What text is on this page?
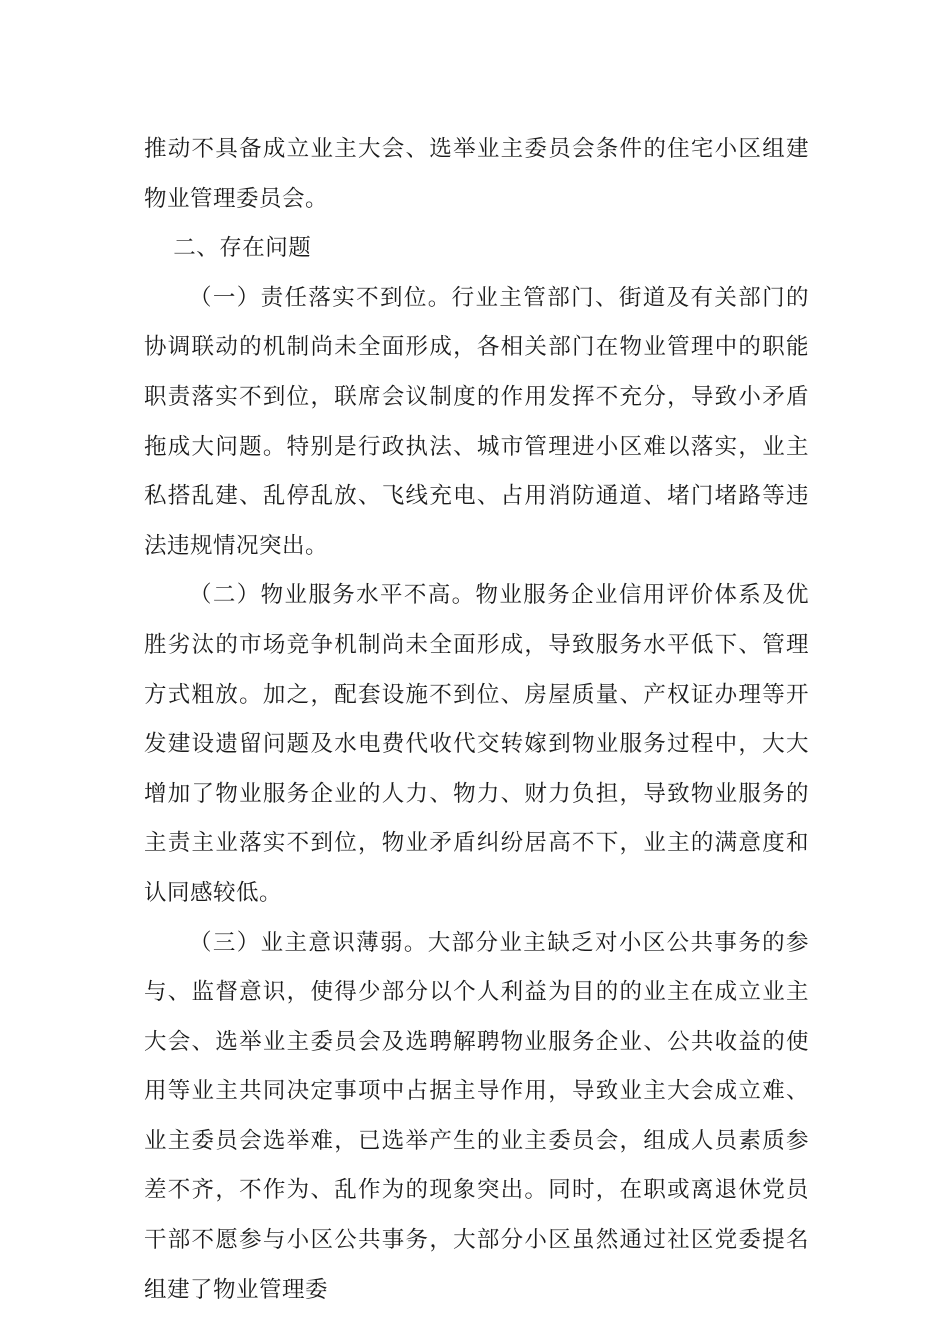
推动不具备成立业主大会、选举业主委员会条件的住宅小区组建物业管理委员会。

二、存在问题

（一）责任落实不到位。行业主管部门、街道及有关部门的协调联动的机制尚未全面形成，各相关部门在物业管理中的职能职责落实不到位，联席会议制度的作用发挥不充分，导致小矛盾拖成大问题。特别是行政执法、城市管理进小区难以落实，业主私搭乱建、乱停乱放、飞线充电、占用消防通道、堵门堵路等违法违规情况突出。

（二）物业服务水平不高。物业服务企业信用评价体系及优胜劣汰的市场竞争机制尚未全面形成，导致服务水平低下、管理方式粗放。加之，配套设施不到位、房屋质量、产权证办理等开发建设遗留问题及水电费代收代交转嫁到物业服务过程中，大大增加了物业服务企业的人力、物力、财力负担，导致物业服务的主责主业落实不到位，物业矛盾纠纷居高不下，业主的满意度和认同感较低。

（三）业主意识薄弱。大部分业主缺乏对小区公共事务的参与、监督意识，使得少部分以个人利益为目的的业主在成立业主大会、选举业主委员会及选聘解聘物业服务企业、公共收益的使用等业主共同决定事项中占据主导作用，导致业主大会成立难、业主委员会选举难，已选举产生的业主委员会，组成人员素质参差不齐，不作为、乱作为的现象突出。同时，在职或离退休党员干部不愿参与小区公共事务，大部分小区虽然通过社区党委提名组建了物业管理委
